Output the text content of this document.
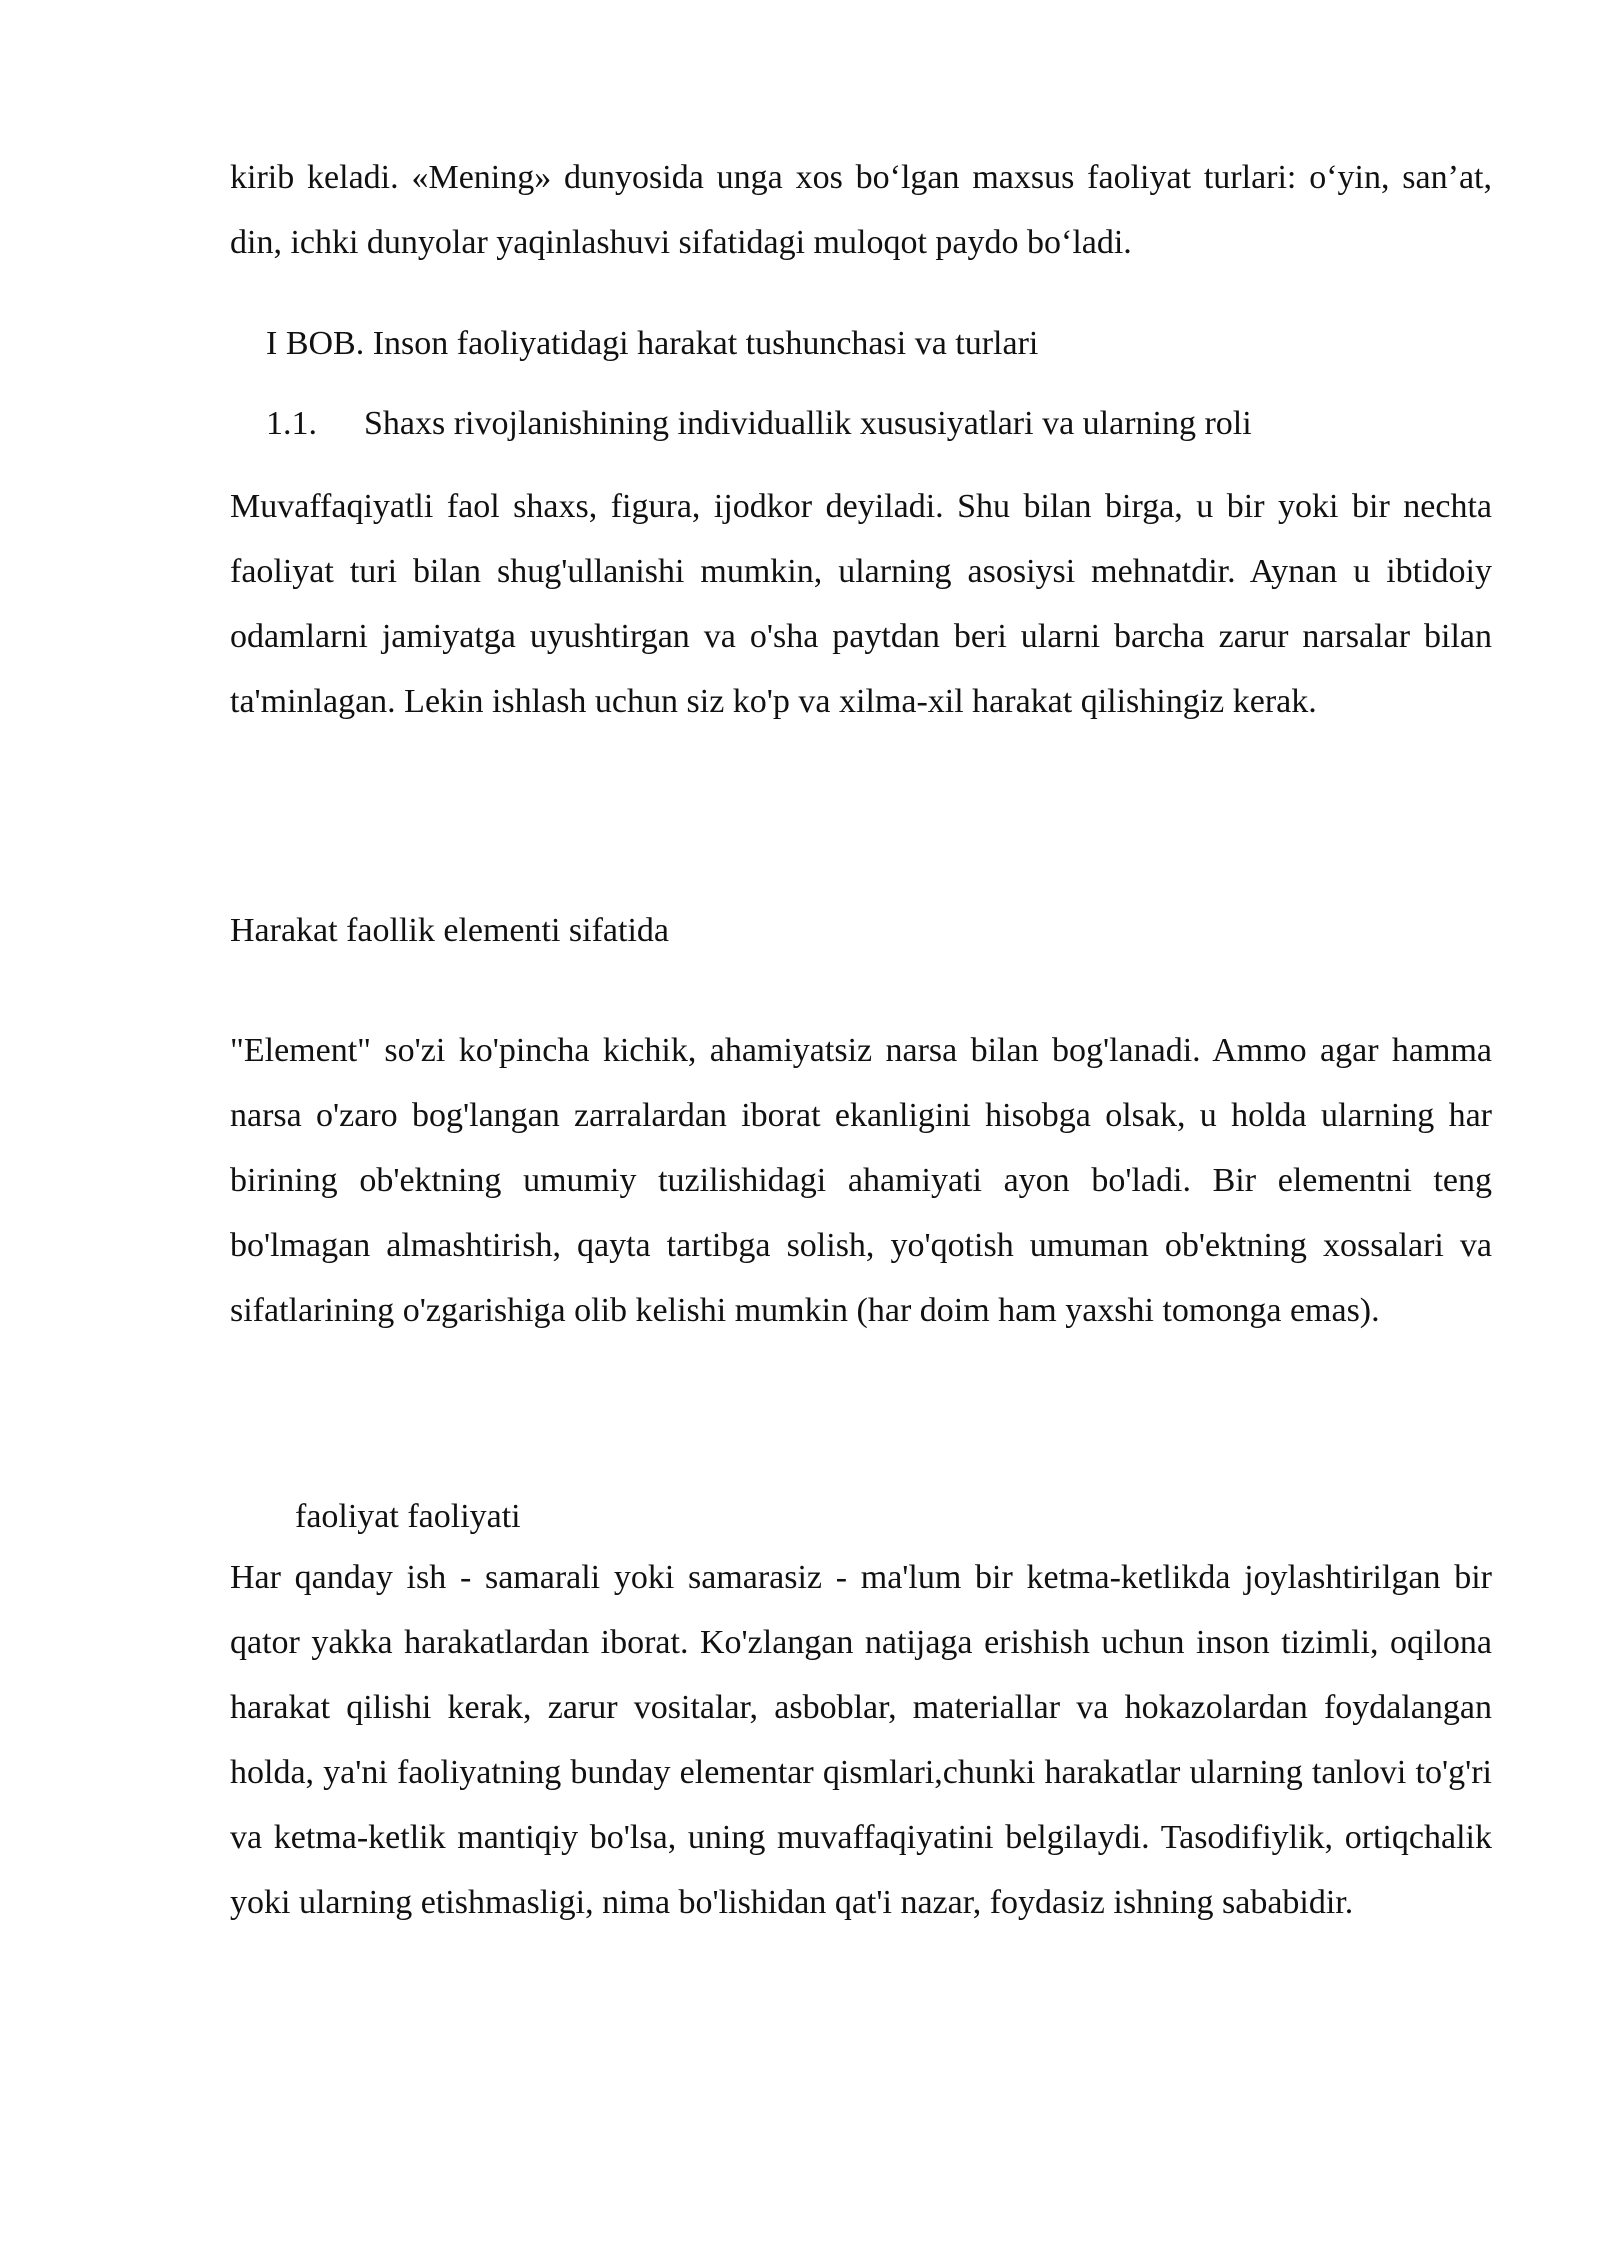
kirib keladi. «Mening» dunyosida unga xos bo‘lgan maxsus faoliyat turlari: o‘yin, san’at, din, ichki dunyolar yaqinlashuvi sifatidagi muloqot paydo bo‘ladi.

I BOB. Inson faoliyatidagi harakat tushunchasi va turlari
1.1. Shaxs rivojlanishining individuallik xususiyatlari va ularning roli

Muvaffaqiyatli faol shaxs, figura, ijodkor deyiladi. Shu bilan birga, u bir yoki bir nechta faoliyat turi bilan shug'ullanishi mumkin, ularning asosiysi mehnatdir. Aynan u ibtidoiy odamlarni jamiyatga uyushtirgan va o'sha paytdan beri ularni barcha zarur narsalar bilan ta'minlagan. Lekin ishlash uchun siz ko'p va xilma-xil harakat qilishingiz kerak.

Harakat faollik elementi sifatida

"Element" so'zi ko'pincha kichik, ahamiyatsiz narsa bilan bog'lanadi. Ammo agar hamma narsa o'zaro bog'langan zarralardan iborat ekanligini hisobga olsak, u holda ularning har birining ob'ektning umumiy tuzilishidagi ahamiyati ayon bo'ladi. Bir elementni teng bo'lmagan almashtirish, qayta tartibga solish, yo'qotish umuman ob'ektning xossalari va sifatlarining o'zgarishiga olib kelishi mumkin (har doim ham yaxshi tomonga emas).

faoliyat faoliyati

Har qanday ish - samarali yoki samarasiz - ma'lum bir ketma-ketlikda joylashtirilgan bir qator yakka harakatlardan iborat. Ko'zlangan natijaga erishish uchun inson tizimli, oqilona harakat qilishi kerak, zarur vositalar, asboblar, materiallar va hokazolardan foydalangan holda, ya'ni faoliyatning bunday elementar qismlari,chunki harakatlar ularning tanlovi to'g'ri va ketma-ketlik mantiqiy bo'lsa, uning muvaffaqiyatini belgilaydi. Tasodifiylik, ortiqchalik yoki ularning etishmasligi, nima bo'lishidan qat'i nazar, foydasiz ishning sababidir.
